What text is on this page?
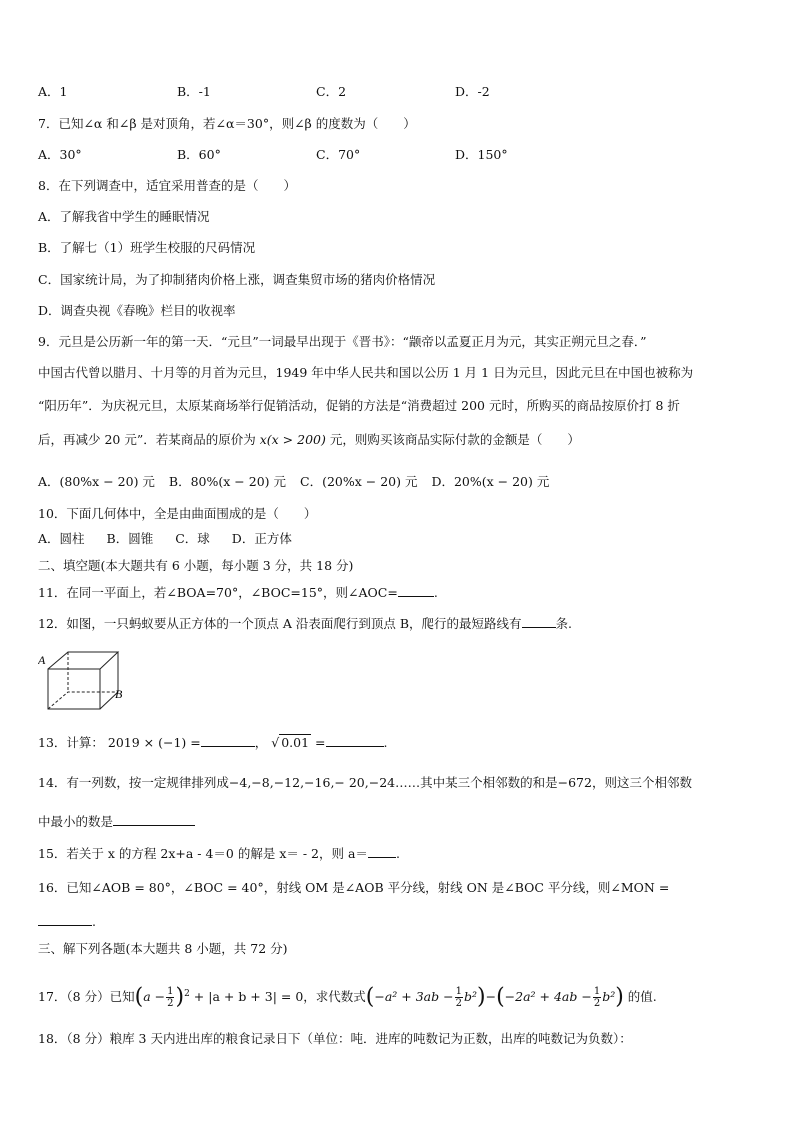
A．1	B．-1	C．2	D．-2
7．已知∠α 和∠β 是对顶角，若∠α＝30°，则∠β 的度数为（　　）
A．30°	B．60°	C．70°	D．150°
8．在下列调查中，适宜采用普查的是（　　）
A．了解我省中学生的睡眠情况
B．了解七（1）班学生校服的尺码情况
C．国家统计局，为了抑制猪肉价格上涨，调查集贸市场的猪肉价格情况
D．调查央视《春晚》栏目的收视率
9．元旦是公历新一年的第一天．“元旦”一词最早出现于《晋书》：“颛帝以孟夏正月为元，其实正朔元旦之春．”
中国古代曾以腊月、十月等的月首为元旦，1949 年中华人民共和国以公历 1 月 1 日为元旦，因此元旦在中国也被称为
“阳历年”．为庆祝元旦，太原某商场举行促销活动，促销的方法是“消费超过 200 元时，所购买的商品按原价打 8 折
后，再减少 20 元”．若某商品的原价为 x(x > 200) 元，则购买该商品实际付款的金额是（　　）
A．(80%x − 20) 元 B．80%(x − 20) 元 C．(20%x − 20) 元 D．20%(x − 20) 元
10．下面几何体中，全是由曲面围成的是（　　）
A．圆柱 B．圆锥 C．球 D．正方体
二、填空题(本大题共有 6 小题，每小题 3 分，共 18 分)
11．在同一平面上，若∠BOA=70°，∠BOC=15°，则∠AOC=	.
12．如图，一只蚂蚁要从正方体的一个顶点 A 沿表面爬行到顶点 B，爬行的最短路线有	条.
A
B
13．计算： 2019 × (−1) =	， √ 0.01 =	.
14．有一列数，按一定规律排列成−4,−8,−12,−16,− 20,−24……其中某三个相邻数的和是−672，则这三个相邻数
中最小的数是
15．若关于 x 的方程 2x+a - 4＝0 的解是 x＝ - 2，则 a＝ .
16．已知∠AOB = 80°，∠BOC = 40°，射线 OM 是∠AOB 平分线，射线 ON 是∠BOC 平分线，则∠MON =
.
三、解下列各题(本大题共 8 小题，共 72 分)
17．（8 分）已知$(a - \frac{1}{2} )^2 + |a + b + 3| = 0$，求代数式$(-a^2 + 3ab - \frac{1}{2} b^2)-(-2a^2 + 4ab - \frac{1}{2} b^2)$ 的值.
18．（8 分）粮库 3 天内进出库的粮食记录日下（单位：吨．进库的吨数记为正数，出库的吨数记为负数）：
